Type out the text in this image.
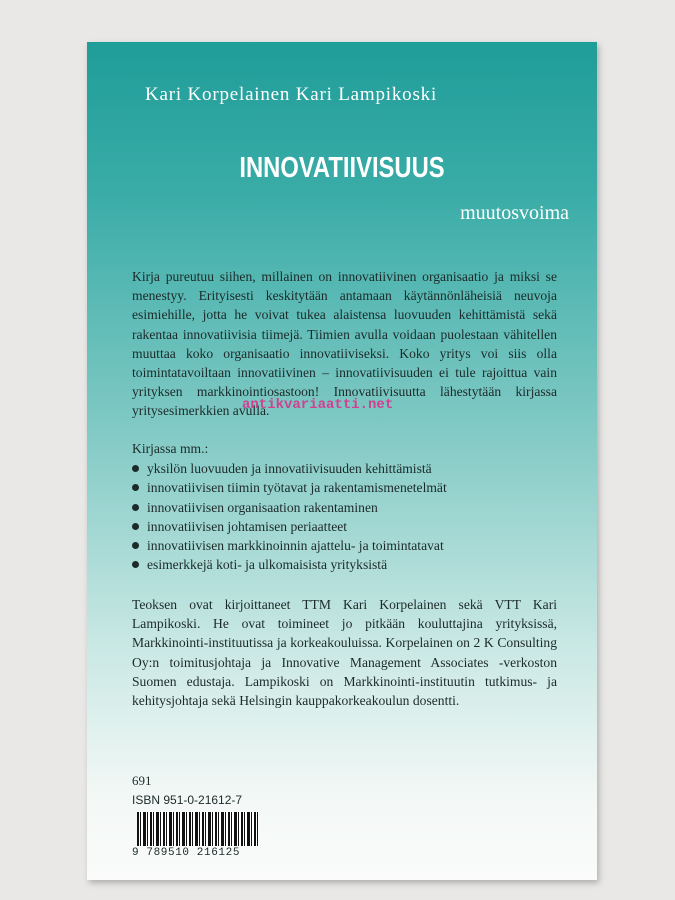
Kari Korpelainen Kari Lampikoski
INNOVATIIVISUUS
muutosvoima

Kirja pureutuu siihen, millainen on innovatiivinen organisaatio ja miksi se menestyy. Erityisesti keskitytään antamaan käytännönläheisiä neuvoja esimiehille, jotta he voivat tukea alaistensa luovuuden kehittämistä sekä rakentaa innovatiivisia tiimejä. Tiimien avulla voidaan puolestaan vähitellen muuttaa koko organisaatio innovatiiviseksi. Koko yritys voi siis olla toimintatavoiltaan innovatiivinen – innovatiivisuuden ei tule rajoittua vain yrityksen markkinointiosastoon! Innovatiivisuutta lähestytään kirjassa yritysesimerkkien avulla.

Kirjassa mm.:
yksilön luovuuden ja innovatiivisuuden kehittämistä
innovatiivisen tiimin työtavat ja rakentamismenetelmät
innovatiivisen organisaation rakentaminen
innovatiivisen johtamisen periaatteet
innovatiivisen markkinoinnin ajattelu- ja toimintatavat
esimerkkejä koti- ja ulkomaisista yrityksistä

Teoksen ovat kirjoittaneet TTM Kari Korpelainen sekä VTT Kari Lampikoski. He ovat toimineet jo pitkään kouluttajina yrityksissä, Markkinointi-instituutissa ja korkeakouluissa. Korpelainen on 2 K Consulting Oy:n toimitusjohtaja ja Innovative Management Associates -verkoston Suomen edustaja. Lampikoski on Markkinointi-instituutin tutkimus- ja kehitysjohtaja sekä Helsingin kauppakorkeakoulun dosentti.

691
ISBN 951-0-21612-7
9 789510 216125
antikvariaatti.net
